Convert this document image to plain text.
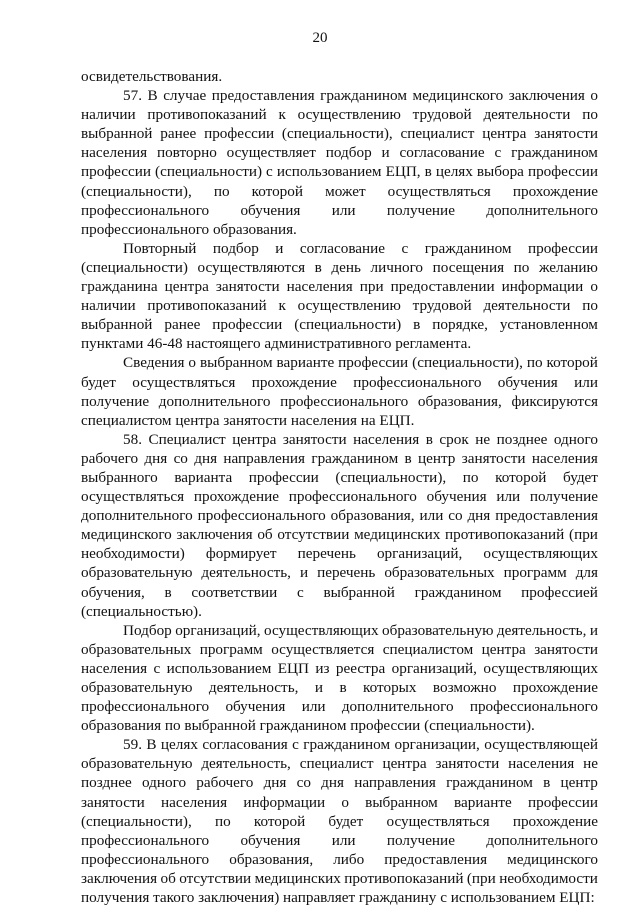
20
освидетельствования.
57. В случае предоставления гражданином медицинского заключения о
наличии противопоказаний к осуществлению трудовой деятельности по
выбранной ранее профессии (специальности), специалист центра занятости
населения повторно осуществляет подбор и согласование с гражданином
профессии (специальности) с использованием ЕЦП, в целях выбора профессии
(специальности), по которой может осуществляться прохождение
профессионального обучения или получение дополнительного
профессионального образования.
Повторный подбор и согласование с гражданином профессии
(специальности) осуществляются в день личного посещения по желанию
гражданина центра занятости населения при предоставлении информации о
наличии противопоказаний к осуществлению трудовой деятельности по
выбранной ранее профессии (специальности) в порядке, установленном
пунктами 46-48 настоящего административного регламента.
Сведения о выбранном варианте профессии (специальности), по которой
будет осуществляться прохождение профессионального обучения или
получение дополнительного профессионального образования, фиксируются
специалистом центра занятости населения на ЕЦП.
58. Специалист центра занятости населения в срок не позднее одного
рабочего дня со дня направления гражданином в центр занятости населения
выбранного варианта профессии (специальности), по которой будет
осуществляться прохождение профессионального обучения или получение
дополнительного профессионального образования, или со дня предоставления
медицинского заключения об отсутствии медицинских противопоказаний (при
необходимости) формирует перечень организаций, осуществляющих
образовательную деятельность, и перечень образовательных программ для
обучения, в соответствии с выбранной гражданином профессией
(специальностью).
Подбор организаций, осуществляющих образовательную деятельность, и
образовательных программ осуществляется специалистом центра занятости
населения с использованием ЕЦП из реестра организаций, осуществляющих
образовательную деятельность, и в которых возможно прохождение
профессионального обучения или дополнительного профессионального
образования по выбранной гражданином профессии (специальности).
59. В целях согласования с гражданином организации, осуществляющей
образовательную деятельность, специалист центра занятости населения не
позднее одного рабочего дня со дня направления гражданином в центр
занятости населения информации о выбранном варианте профессии
(специальности), по которой будет осуществляться прохождение
профессионального обучения или получение дополнительного
профессионального образования, либо предоставления медицинского
заключения об отсутствии медицинских противопоказаний (при необходимости
получения такого заключения) направляет гражданину с использованием ЕЦП:
